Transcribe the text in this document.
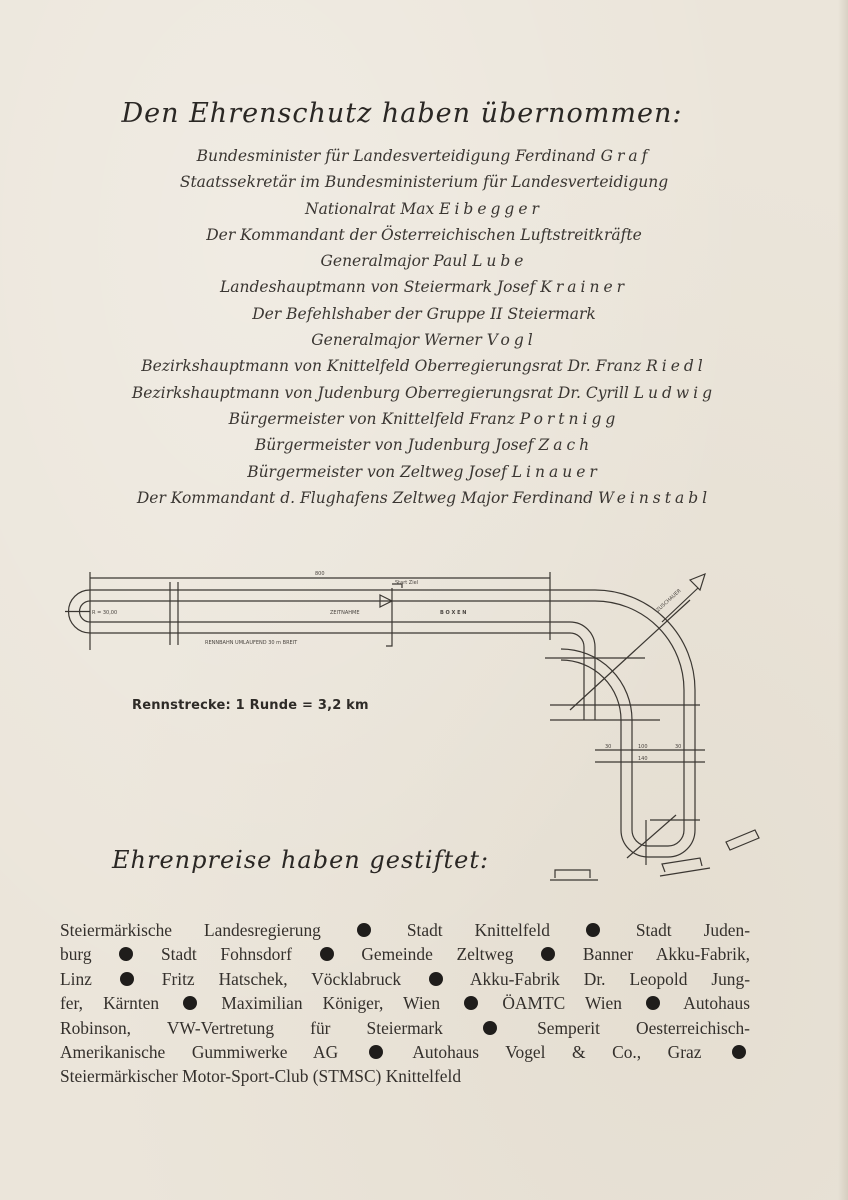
Den Ehrenschutz haben übernommen:
Bundesminister für Landesverteidigung Ferdinand Graf
Staatssekretär im Bundesministerium für Landesverteidigung
Nationalrat Max Eibegger
Der Kommandant der Österreichischen Luftstreitkräfte
Generalmajor Paul Lube
Landeshauptmann von Steiermark Josef Krainer
Der Befehlshaber der Gruppe II Steiermark
Generalmajor Werner Vogl
Bezirkshauptmann von Knittelfeld Oberregierungsrat Dr. Franz Riedl
Bezirkshauptmann von Judenburg Oberregierungsrat Dr. Cyrill Ludwig
Bürgermeister von Knittelfeld Franz Portnigg
Bürgermeister von Judenburg Josef Zach
Bürgermeister von Zeltweg Josef Linauer
Der Kommandant d. Flughafens Zeltweg Major Ferdinand Weinstabl
800
R = 30,00
Start Ziel
ZEITNAHME	B O X E N
RENNBAHN UMLAUFEND 30 m BREIT
ZUSCHAUER
30	100
140
30
Rennstrecke: 1 Runde = 3,2 km
Ehrenpreise haben gestiftet:
Steiermärkische Landesregierung	Stadt Knittelfeld	Stadt Juden-
burg	Stadt Fohnsdorf	Gemeinde Zeltweg	Banner Akku-Fabrik,
Linz	Fritz Hatschek, Vöcklabruck	Akku-Fabrik Dr. Leopold Jung-
fer, Kärnten	Maximilian Königer, Wien	ÖAMTC Wien	Autohaus
Robinson, VW-Vertretung für Steiermark	Semperit Oesterreichisch-
Amerikanische Gummiwerke AG	Autohaus Vogel & Co., Graz
Steiermärkischer Motor-Sport-Club (STMSC) Knittelfeld
